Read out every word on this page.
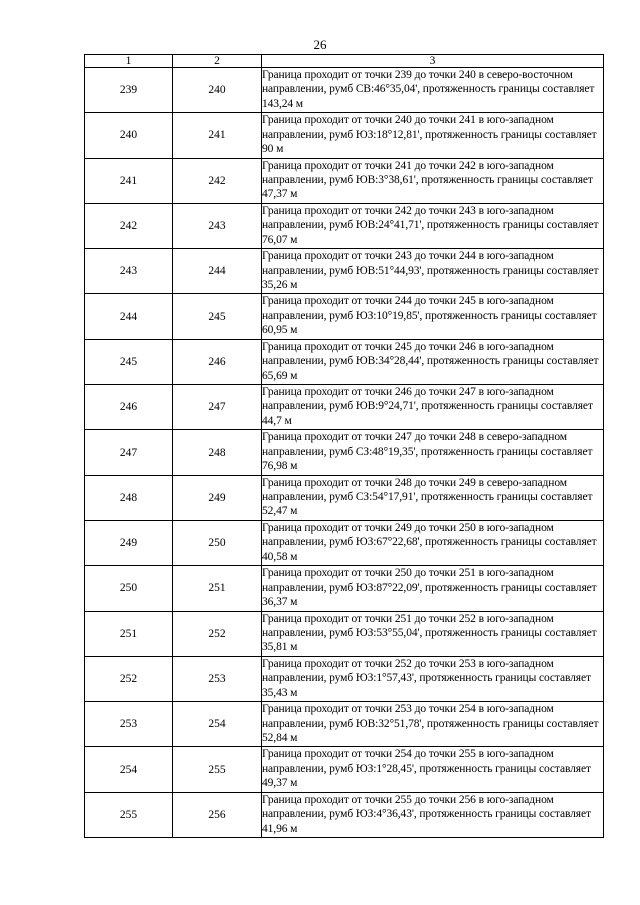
26
1	2	3
239	240	Граница проходит от точки 239 до точки 240 в северо-восточном направлении, румб СВ:46°35,04', протяженность границы составляет 143,24 м
240	241	Граница проходит от точки 240 до точки 241 в юго-западном направлении, румб ЮЗ:18°12,81', протяженность границы составляет 90 м
241	242	Граница проходит от точки 241 до точки 242 в юго-западном направлении, румб ЮВ:3°38,61', протяженность границы составляет 47,37 м
242	243	Граница проходит от точки 242 до точки 243 в юго-западном направлении, румб ЮВ:24°41,71', протяженность границы составляет 76,07 м
243	244	Граница проходит от точки 243 до точки 244 в юго-западном направлении, румб ЮВ:51°44,93', протяженность границы составляет 35,26 м
244	245	Граница проходит от точки 244 до точки 245 в юго-западном направлении, румб ЮЗ:10°19,85', протяженность границы составляет 60,95 м
245	246	Граница проходит от точки 245 до точки 246 в юго-западном направлении, румб ЮВ:34°28,44', протяженность границы составляет 65,69 м
246	247	Граница проходит от точки 246 до точки 247 в юго-западном направлении, румб ЮВ:9°24,71', протяженность границы составляет 44,7 м
247	248	Граница проходит от точки 247 до точки 248 в северо-западном направлении, румб СЗ:48°19,35', протяженность границы составляет 76,98 м
248	249	Граница проходит от точки 248 до точки 249 в северо-западном направлении, румб СЗ:54°17,91', протяженность границы составляет 52,47 м
249	250	Граница проходит от точки 249 до точки 250 в юго-западном направлении, румб ЮЗ:67°22,68', протяженность границы составляет 40,58 м
250	251	Граница проходит от точки 250 до точки 251 в юго-западном направлении, румб ЮЗ:87°22,09', протяженность границы составляет 36,37 м
251	252	Граница проходит от точки 251 до точки 252 в юго-западном направлении, румб ЮЗ:53°55,04', протяженность границы составляет 35,81 м
252	253	Граница проходит от точки 252 до точки 253 в юго-западном направлении, румб ЮЗ:1°57,43', протяженность границы составляет 35,43 м
253	254	Граница проходит от точки 253 до точки 254 в юго-западном направлении, румб ЮВ:32°51,78', протяженность границы составляет 52,84 м
254	255	Граница проходит от точки 254 до точки 255 в юго-западном направлении, румб ЮЗ:1°28,45', протяженность границы составляет 49,37 м
255	256	Граница проходит от точки 255 до точки 256 в юго-западном направлении, румб ЮЗ:4°36,43', протяженность границы составляет 41,96 м
